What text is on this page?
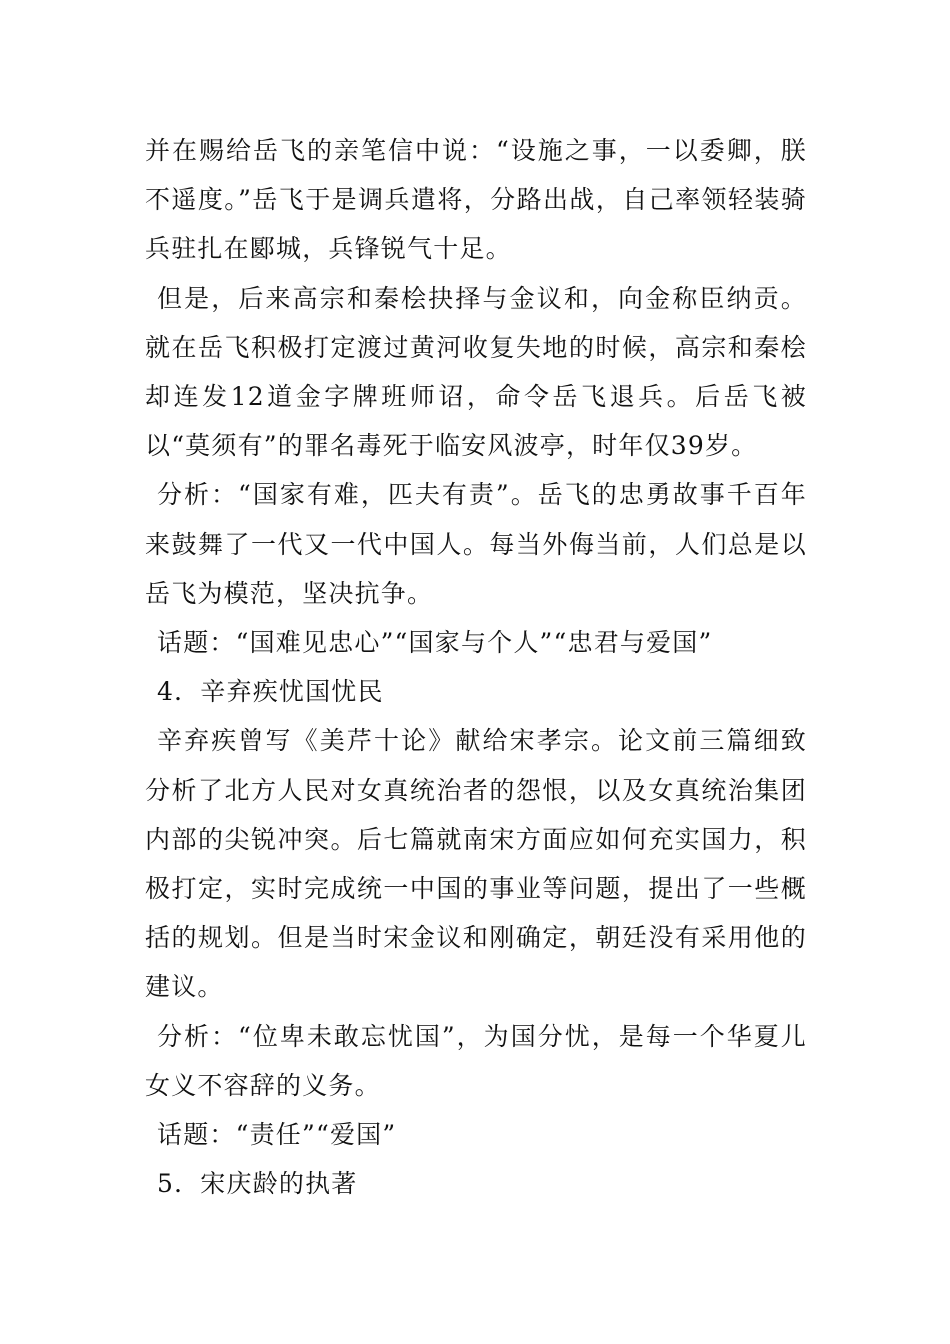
并在赐给岳飞的亲笔信中说：“设施之事，一以委卿，朕不遥度。”岳飞于是调兵遣将，分路出战，自己率领轻装骑兵驻扎在郾城，兵锋锐气十足。

但是，后来高宗和秦桧抉择与金议和，向金称臣纳贡。就在岳飞积极打定渡过黄河收复失地的时候，高宗和秦桧却连发12道金字牌班师诏，命令岳飞退兵。后岳飞被以“莫须有”的罪名毒死于临安风波亭，时年仅39岁。

分析：“国家有难，匹夫有责”。岳飞的忠勇故事千百年来鼓舞了一代又一代中国人。每当外侮当前，人们总是以岳飞为模范，坚决抗争。

话题：“国难见忠心”“国家与个人”“忠君与爱国”

4．辛弃疾忧国忧民

辛弃疾曾写《美芹十论》献给宋孝宗。论文前三篇细致分析了北方人民对女真统治者的怨恨，以及女真统治集团内部的尖锐冲突。后七篇就南宋方面应如何充实国力，积极打定，实时完成统一中国的事业等问题，提出了一些概括的规划。但是当时宋金议和刚确定，朝廷没有采用他的建议。

分析：“位卑未敢忘忧国”，为国分忧，是每一个华夏儿女义不容辞的义务。

话题：“责任”“爱国”

5．宋庆龄的执著
